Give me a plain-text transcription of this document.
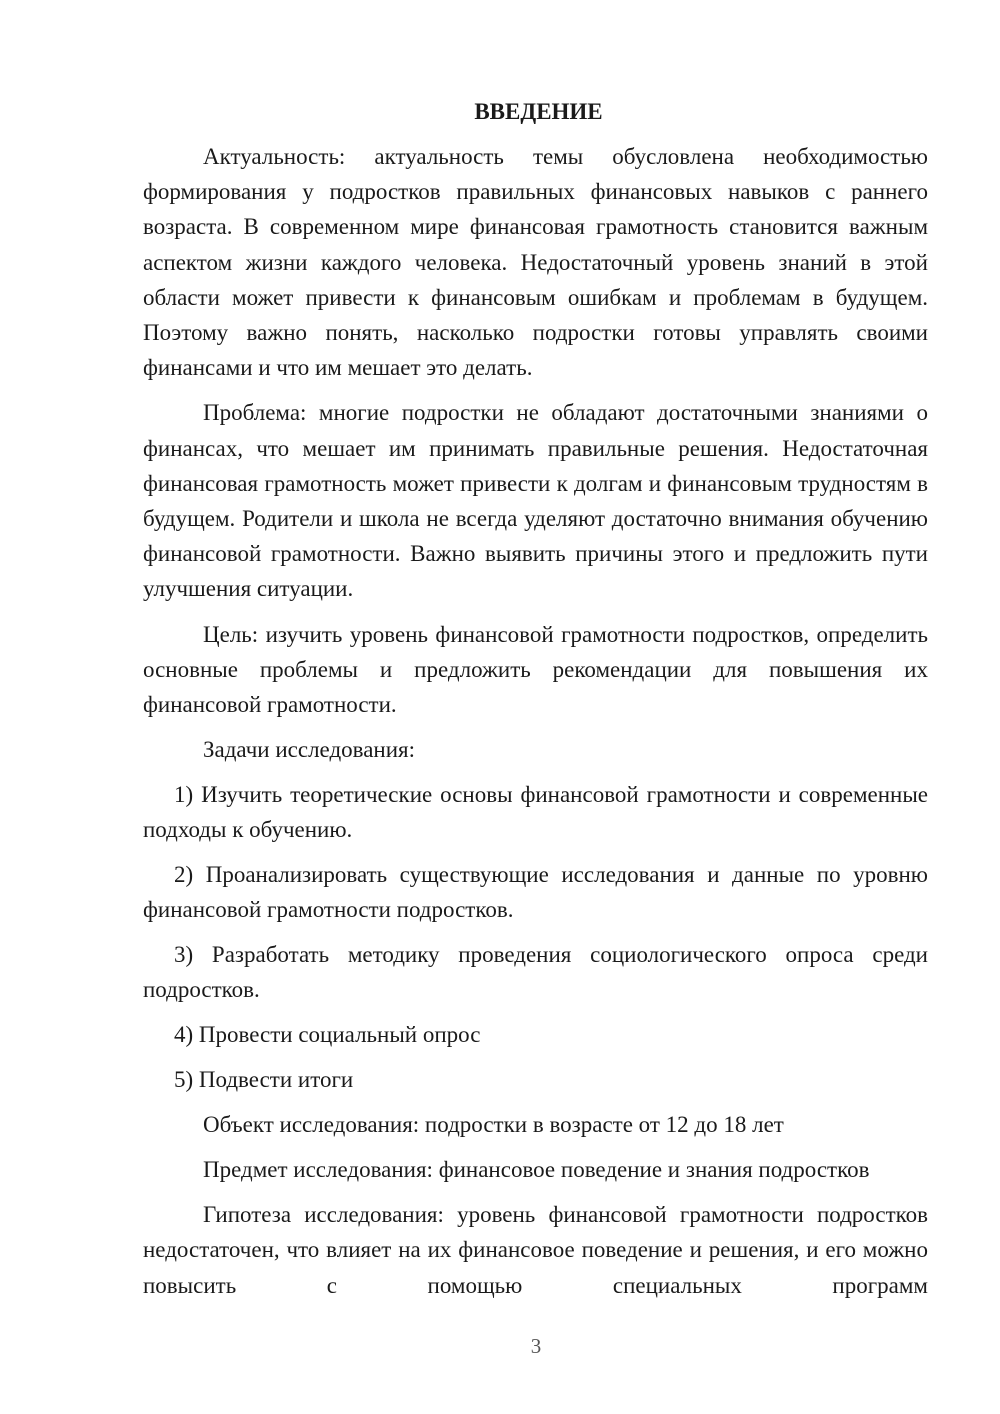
ВВЕДЕНИЕ

Актуальность: актуальность темы обусловлена необходимостью формирования у подростков правильных финансовых навыков с раннего возраста. В современном мире финансовая грамотность становится важным аспектом жизни каждого человека. Недостаточный уровень знаний в этой области может привести к финансовым ошибкам и проблемам в будущем. Поэтому важно понять, насколько подростки готовы управлять своими финансами и что им мешает это делать.

Проблема: многие подростки не обладают достаточными знаниями о финансах, что мешает им принимать правильные решения. Недостаточная финансовая грамотность может привести к долгам и финансовым трудностям в будущем. Родители и школа не всегда уделяют достаточно внимания обучению финансовой грамотности. Важно выявить причины этого и предложить пути улучшения ситуации.

Цель: изучить уровень финансовой грамотности подростков, определить основные проблемы и предложить рекомендации для повышения их финансовой грамотности.

Задачи исследования:

1) Изучить теоретические основы финансовой грамотности и современные подходы к обучению.

2) Проанализировать существующие исследования и данные по уровню финансовой грамотности подростков.

3) Разработать методику проведения социологического опроса среди подростков.

4) Провести социальный опрос

5) Подвести итоги

Объект исследования: подростки в возрасте от 12 до 18 лет

Предмет исследования: финансовое поведение и знания подростков

Гипотеза исследования: уровень финансовой грамотности подростков недостаточен, что влияет на их финансовое поведение и решения, и его можно повысить с помощью специальных программ

3
